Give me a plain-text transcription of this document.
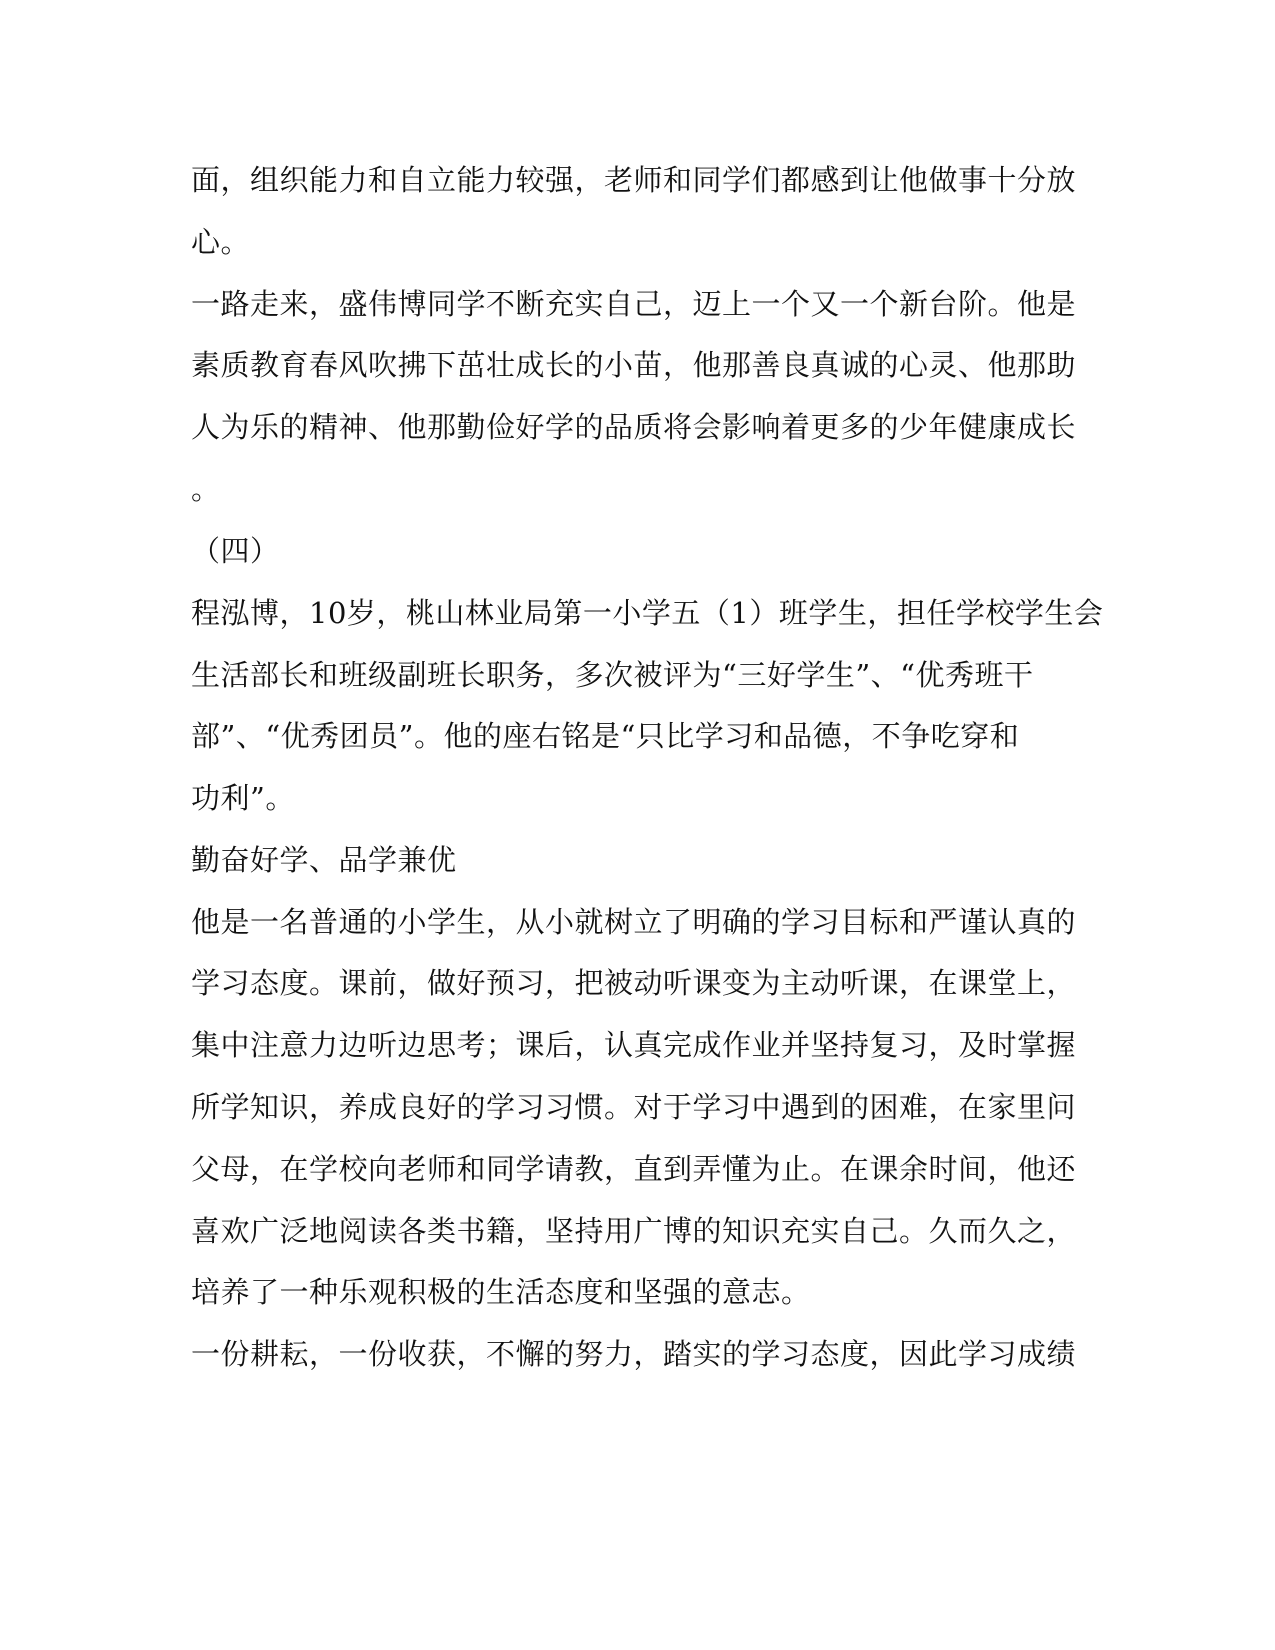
面，组织能力和自立能力较强，老师和同学们都感到让他做事十分放

心。

一路走来，盛伟博同学不断充实自己，迈上一个又一个新台阶。他是

素质教育春风吹拂下茁壮成长的小苗，他那善良真诚的心灵、他那助

人为乐的精神、他那勤俭好学的品质将会影响着更多的少年健康成长

。

（四）

程泓博，10岁，桃山林业局第一小学五（1）班学生，担任学校学生会

生活部长和班级副班长职务，多次被评为“三好学生”、“优秀班干

部”、“优秀团员”。他的座右铭是“只比学习和品德，不争吃穿和

功利”。

勤奋好学、品学兼优

他是一名普通的小学生，从小就树立了明确的学习目标和严谨认真的

学习态度。课前，做好预习，把被动听课变为主动听课，在课堂上，

集中注意力边听边思考；课后，认真完成作业并坚持复习，及时掌握

所学知识，养成良好的学习习惯。对于学习中遇到的困难，在家里问

父母，在学校向老师和同学请教，直到弄懂为止。在课余时间，他还

喜欢广泛地阅读各类书籍，坚持用广博的知识充实自己。久而久之，

培养了一种乐观积极的生活态度和坚强的意志。

一份耕耘，一份收获，不懈的努力，踏实的学习态度，因此学习成绩
